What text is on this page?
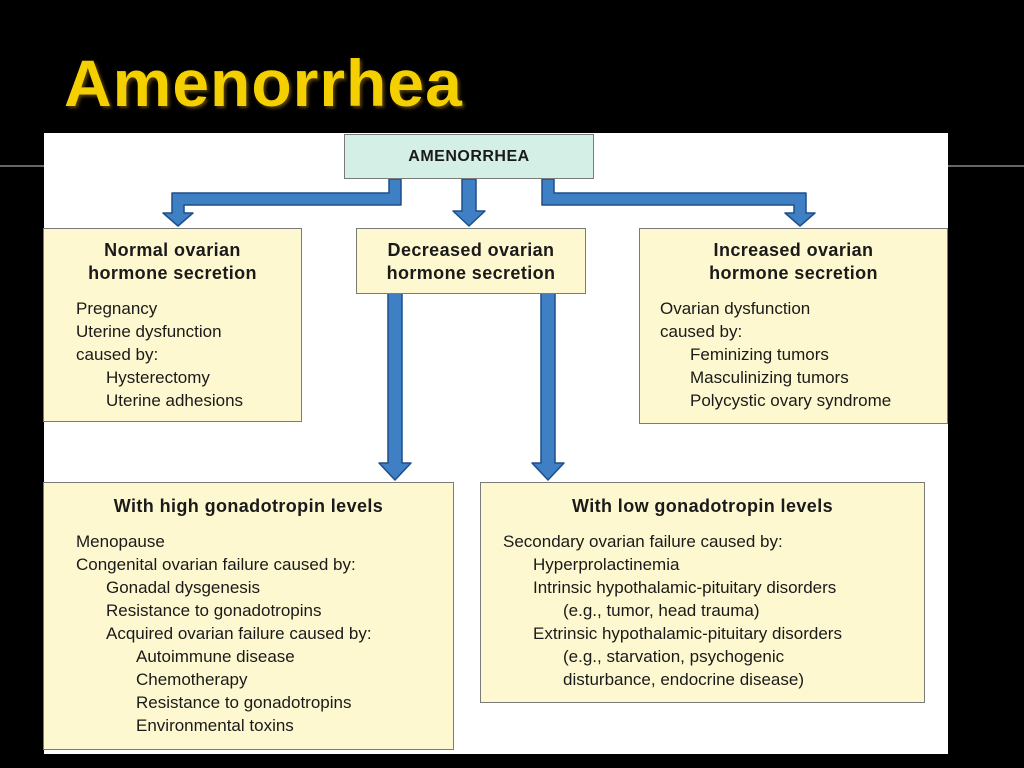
Amenorrhea
AMENORRHEA
Normal ovarian
hormone secretion
Pregnancy
Uterine dysfunction
caused by:
Hysterectomy
Uterine adhesions
Decreased ovarian
hormone secretion
Increased ovarian
hormone secretion
Ovarian dysfunction
caused by:
Feminizing tumors
Masculinizing tumors
Polycystic ovary syndrome
With high gonadotropin levels
Menopause
Congenital ovarian failure caused by:
Gonadal dysgenesis
Resistance to gonadotropins
Acquired ovarian failure caused by:
Autoimmune disease
Chemotherapy
Resistance to gonadotropins
Environmental toxins
With low gonadotropin levels
Secondary ovarian failure caused by:
Hyperprolactinemia
Intrinsic hypothalamic-pituitary disorders
(e.g., tumor, head trauma)
Extrinsic hypothalamic-pituitary disorders
(e.g., starvation, psychogenic
disturbance, endocrine disease)
